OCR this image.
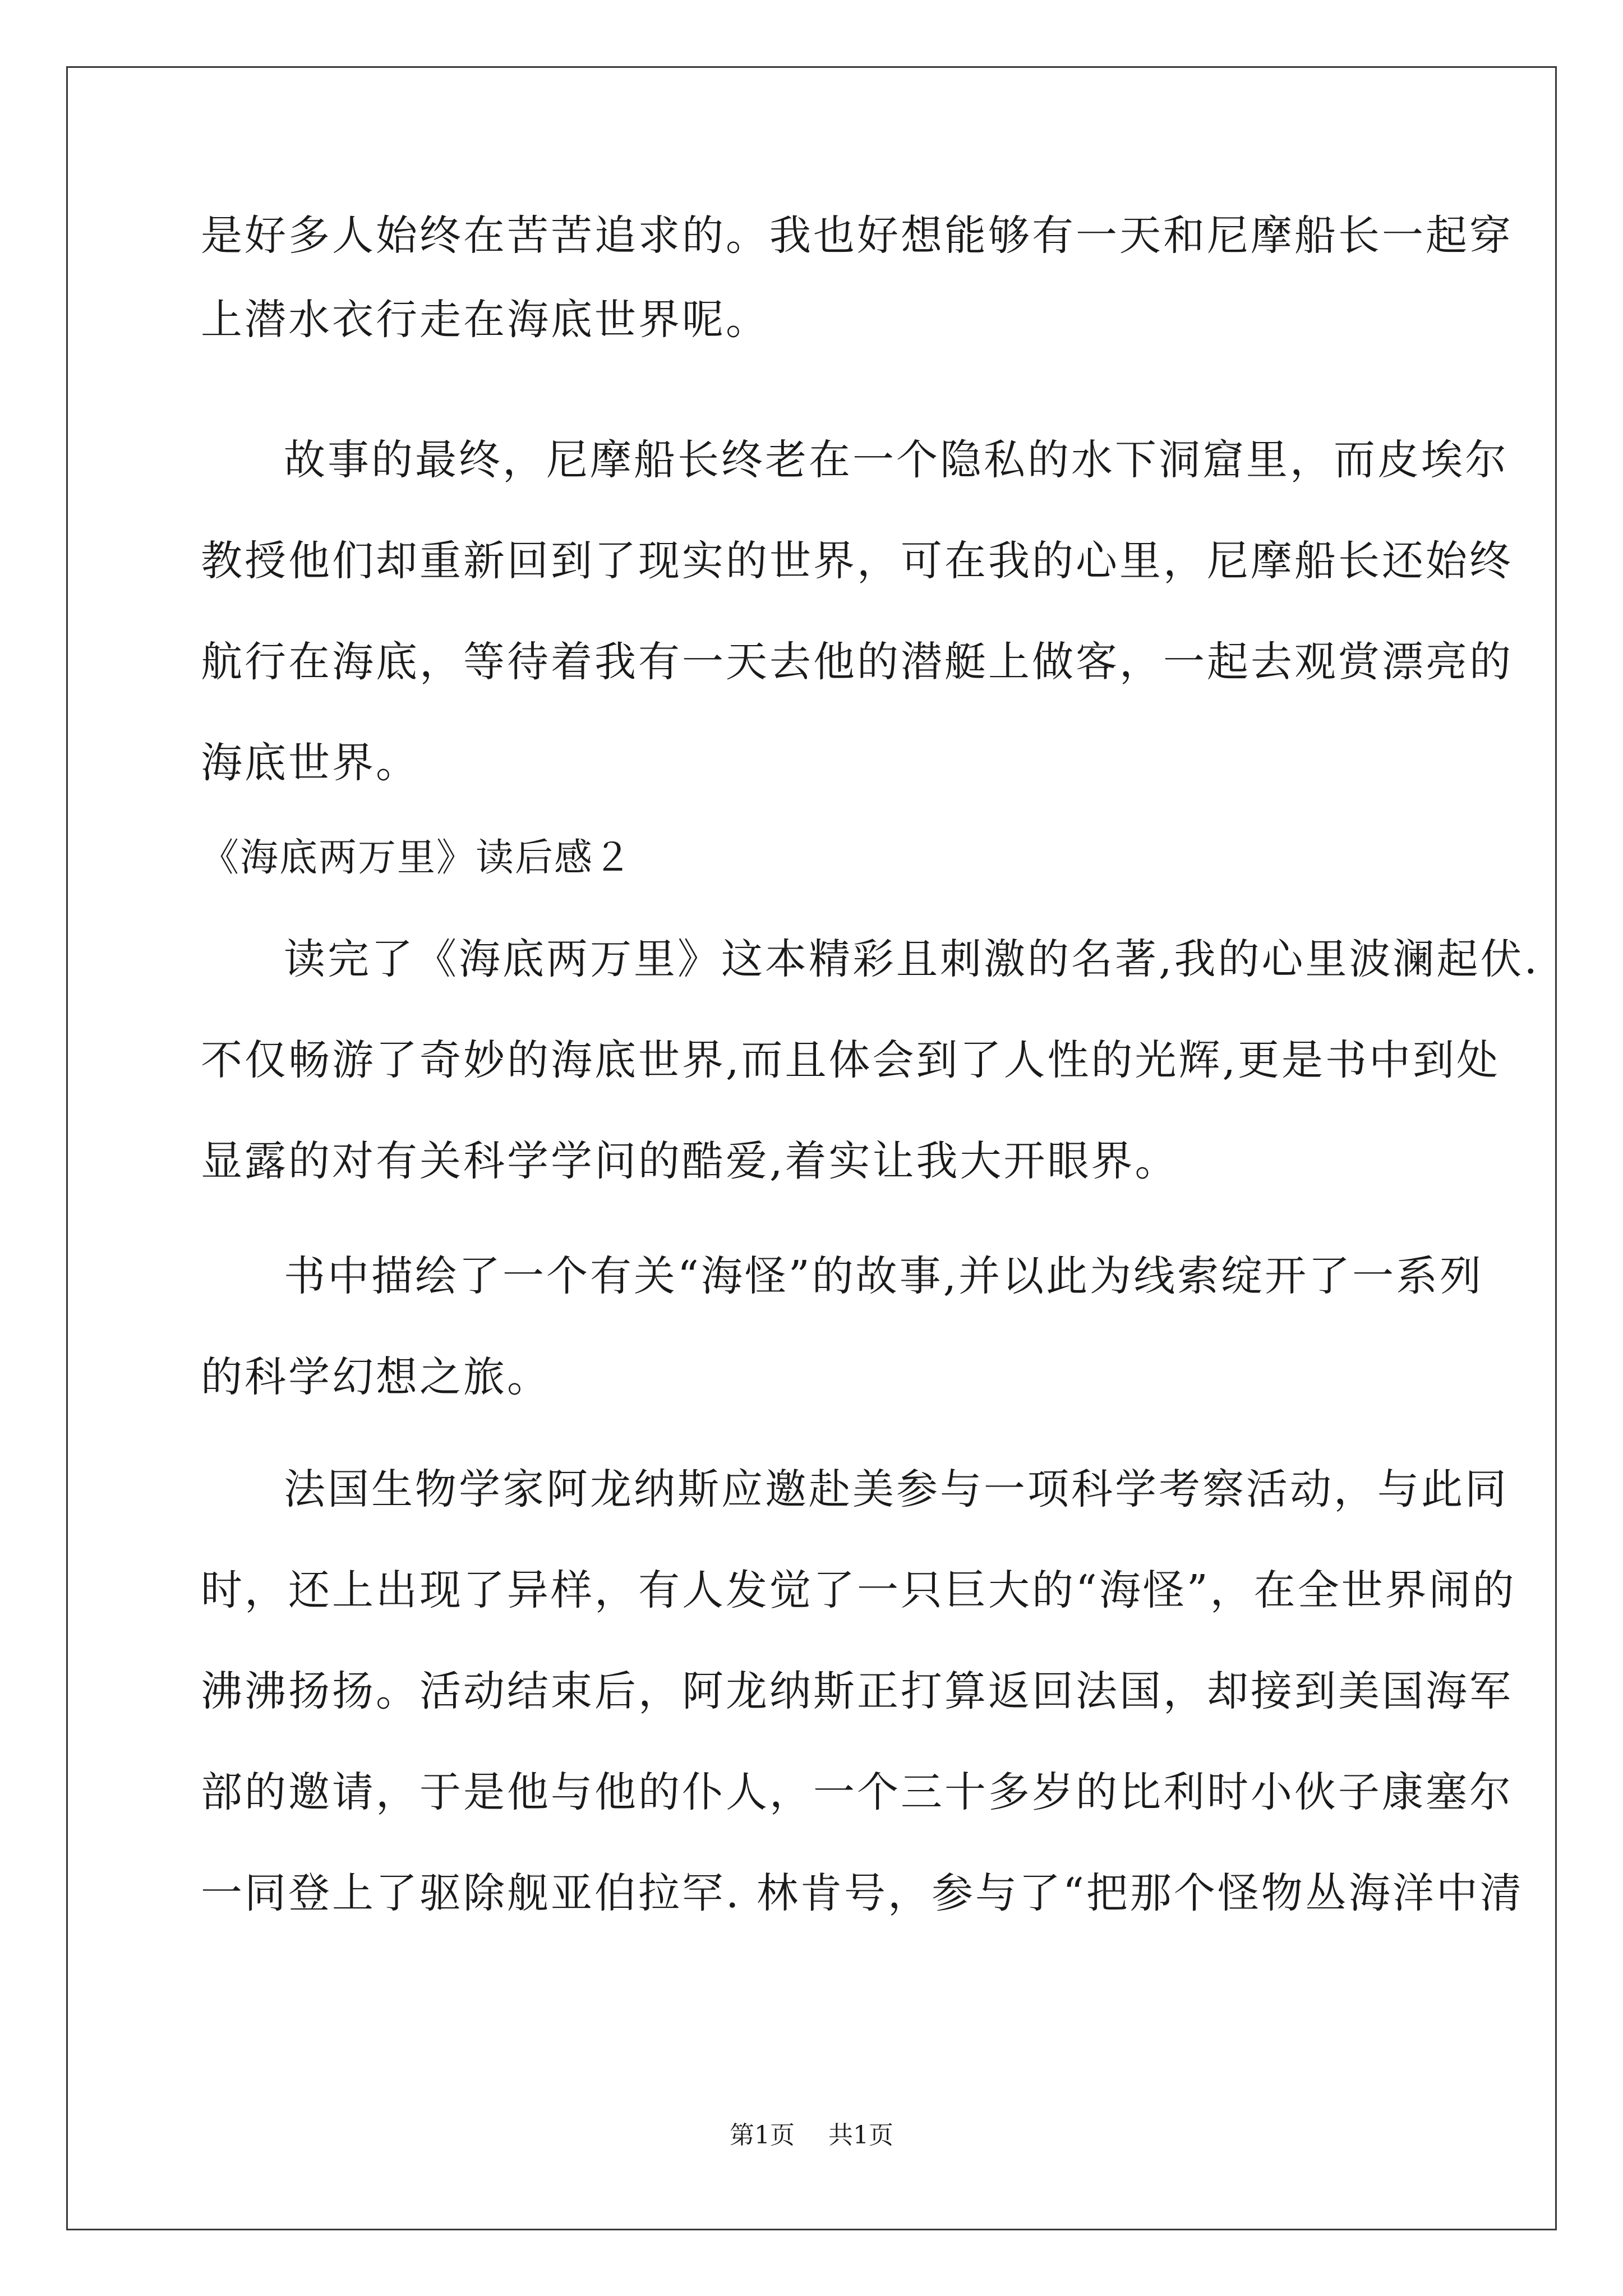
是好多人始终在苦苦追求的。我也好想能够有一天和尼摩船长一起穿
上潜水衣行走在海底世界呢。
故事的最终，尼摩船长终老在一个隐私的水下洞窟里，而皮埃尔
教授他们却重新回到了现实的世界，可在我的心里，尼摩船长还始终
航行在海底，等待着我有一天去他的潜艇上做客，一起去观赏漂亮的
海底世界。
《海底两万里》读后感２
读完了《海底两万里》这本精彩且刺激的名著,我的心里波澜起伏.
不仅畅游了奇妙的海底世界,而且体会到了人性的光辉,更是书中到处
显露的对有关科学学问的酷爱,着实让我大开眼界。
书中描绘了一个有关“海怪”的故事,并以此为线索绽开了一系列
的科学幻想之旅。
法国生物学家阿龙纳斯应邀赴美参与一项科学考察活动，与此同
时，还上出现了异样，有人发觉了一只巨大的“海怪”，在全世界闹的
沸沸扬扬。活动结束后，阿龙纳斯正打算返回法国，却接到美国海军
部的邀请，于是他与他的仆人，一个三十多岁的比利时小伙子康塞尔
一同登上了驱除舰亚伯拉罕. 林肯号，参与了“把那个怪物丛海洋中清
第1页 共1页
